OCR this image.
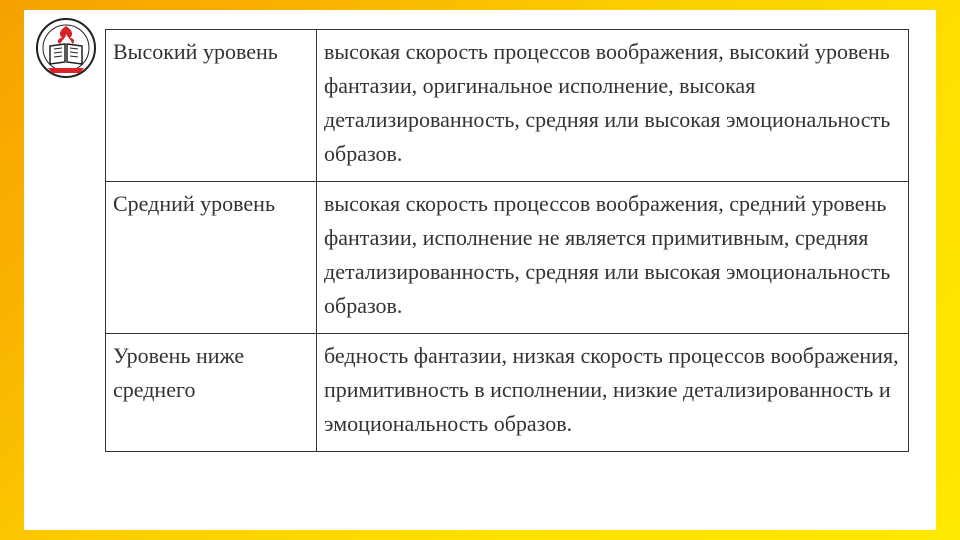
Высокий уровень	высокая скорость процессов воображения, высокий уровень фантазии, оригинальное исполнение, высокая детализированность, средняя или высокая эмоциональность образов.
Средний уровень	высокая скорость процессов воображения, средний уровень фантазии, исполнение не является примитивным, средняя детализированность, средняя или высокая эмоциональность образов.
Уровень ниже среднего	бедность фантазии, низкая скорость процессов воображения, примитивность в исполнении, низкие детализированность и эмоциональность образов.
